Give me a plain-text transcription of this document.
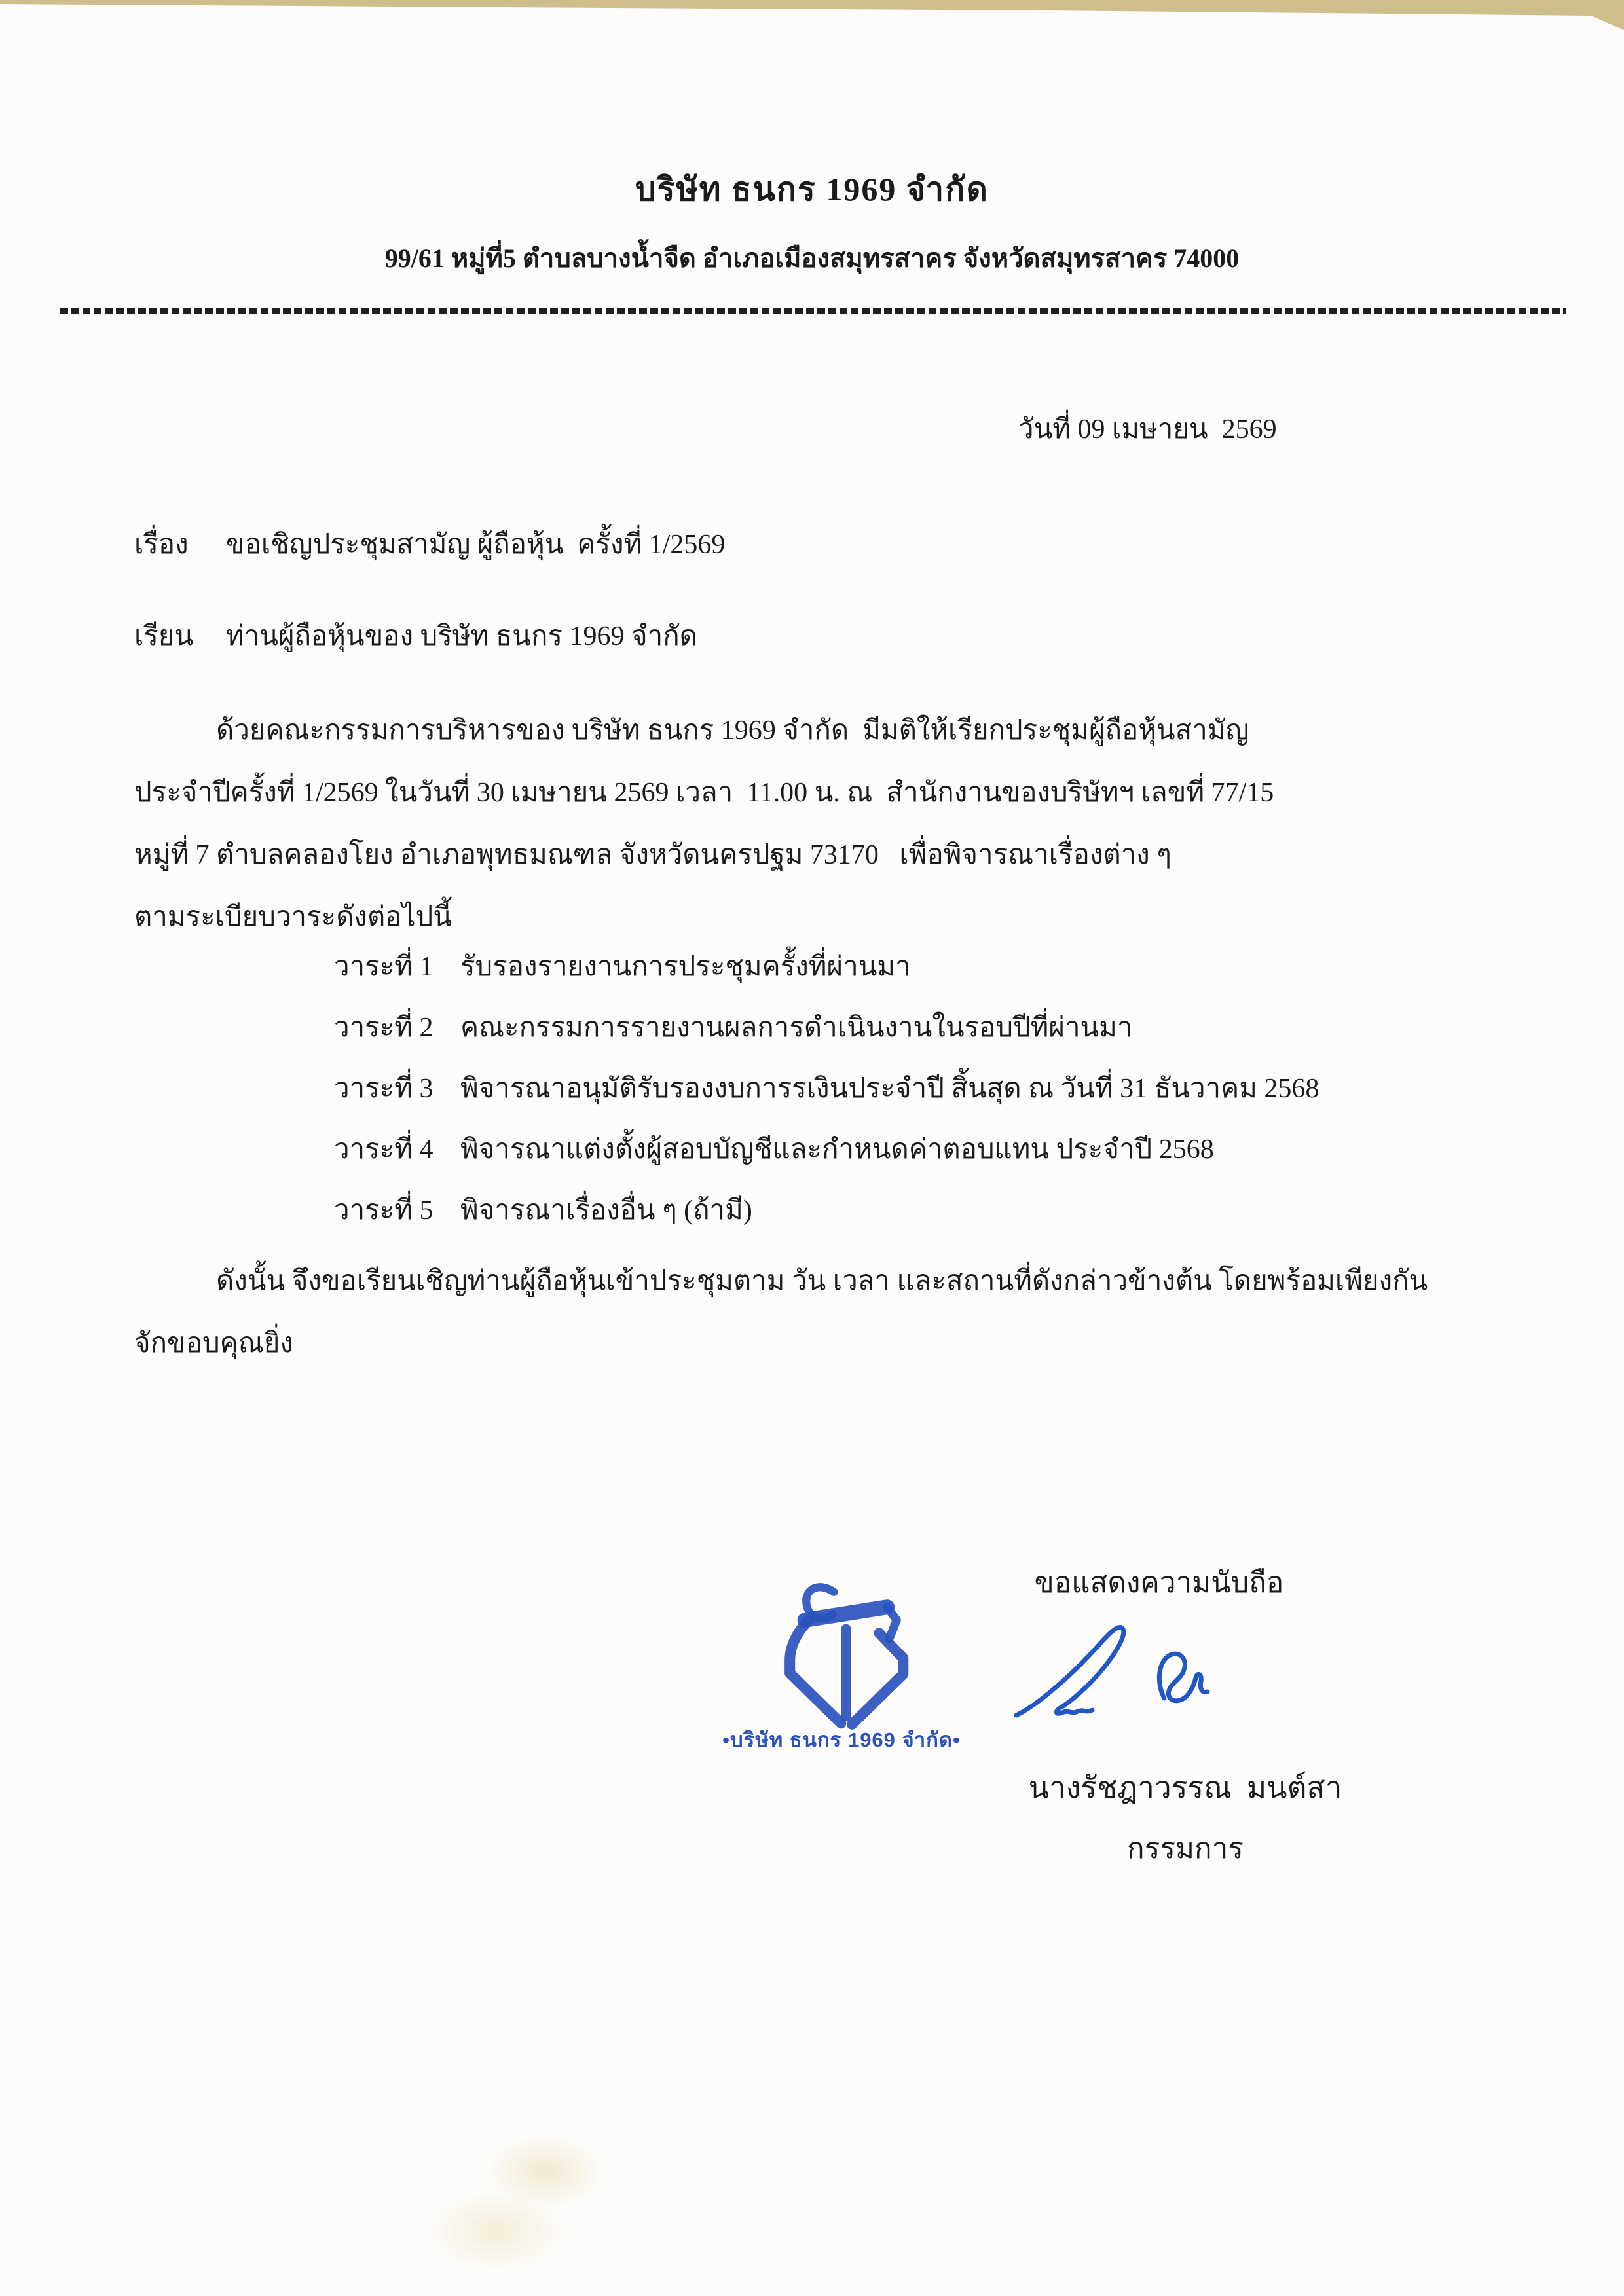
บริษัท ธนกร 1969 จำกัด
99/61 หมู่ที่5 ตำบลบางน้ำจืด อำเภอเมืองสมุทรสาคร จังหวัดสมุทรสาคร 74000
วันที่ 09 เมษายน  2569
เรื่อง ขอเชิญประชุมสามัญ ผู้ถือหุ้น  ครั้งที่ 1/2569
เรียน ท่านผู้ถือหุ้นของ บริษัท ธนกร 1969 จำกัด
ด้วยคณะกรรมการบริหารของ บริษัท ธนกร 1969 จำกัด  มีมติให้เรียกประชุมผู้ถือหุ้นสามัญ
ประจำปีครั้งที่ 1/2569 ในวันที่ 30 เมษายน 2569 เวลา  11.00 น. ณ  สำนักงานของบริษัทฯ เลขที่ 77/15
หมู่ที่ 7 ตำบลคลองโยง อำเภอพุทธมณฑล จังหวัดนครปฐม 73170   เพื่อพิจารณาเรื่องต่าง ๆ
ตามระเบียบวาระดังต่อไปนี้
วาระที่ 1 รับรองรายงานการประชุมครั้งที่ผ่านมา
วาระที่ 2 คณะกรรมการรายงานผลการดำเนินงานในรอบปีที่ผ่านมา
วาระที่ 3 พิจารณาอนุมัติรับรองงบการรเงินประจำปี สิ้นสุด ณ วันที่ 31 ธันวาคม 2568
วาระที่ 4 พิจารณาแต่งตั้งผู้สอบบัญชีและกำหนดค่าตอบแทน ประจำปี 2568
วาระที่ 5 พิจารณาเรื่องอื่น ๆ (ถ้ามี)
ดังนั้น จึงขอเรียนเชิญท่านผู้ถือหุ้นเข้าประชุมตาม วัน เวลา และสถานที่ดังกล่าวข้างต้น โดยพร้อมเพียงกัน
จักขอบคุณยิ่ง
ขอแสดงความนับถือ
•บริษัท ธนกร 1969 จำกัด•
นางรัชฎาวรรณ  มนต์สา
กรรมการ
